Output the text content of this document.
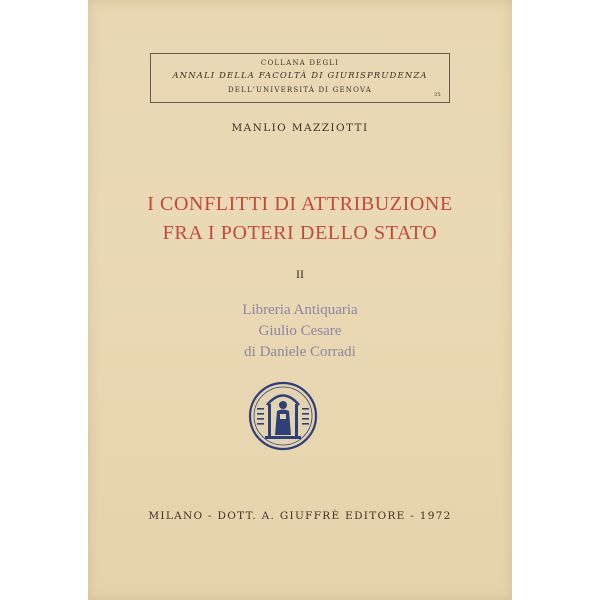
COLLANA DEGLI
ANNALI DELLA FACOLTÀ DI GIURISPRUDENZA
DELL'UNIVERSITÀ DI GENOVA
35
MANLIO MAZZIOTTI
I CONFLITTI DI ATTRIBUZIONE
FRA I POTERI DELLO STATO
II
Libreria Antiquaria
Giulio Cesare
di Daniele Corradi
MILANO - DOTT. A. GIUFFRÈ EDITORE - 1972
